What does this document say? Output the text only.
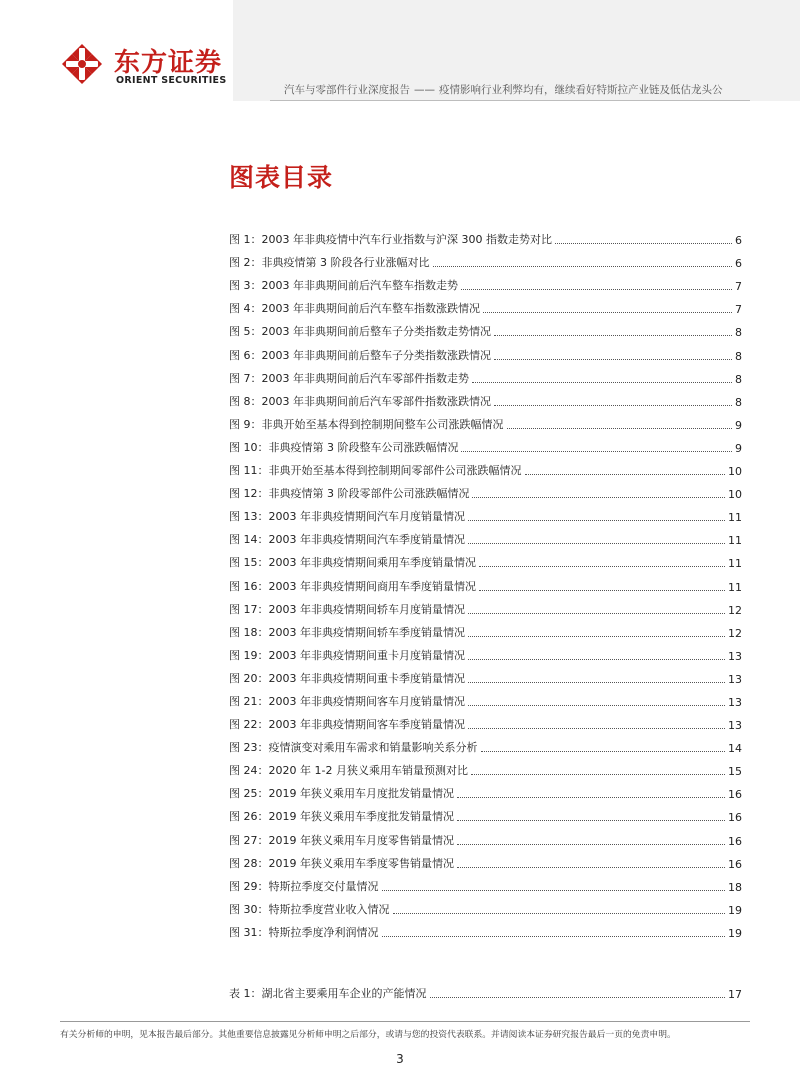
东方证券
ORIENT SECURITIES
汽车与零部件行业深度报告 —— 疫情影响行业利弊均有，继续看好特斯拉产业链及低估龙头公
图表目录
图 1：2003 年非典疫情中汽车行业指数与沪深 300 指数走势对比	6
图 2：非典疫情第 3 阶段各行业涨幅对比	6
图 3：2003 年非典期间前后汽车整车指数走势	7
图 4：2003 年非典期间前后汽车整车指数涨跌情况	7
图 5：2003 年非典期间前后整车子分类指数走势情况	8
图 6：2003 年非典期间前后整车子分类指数涨跌情况	8
图 7：2003 年非典期间前后汽车零部件指数走势	8
图 8：2003 年非典期间前后汽车零部件指数涨跌情况	8
图 9：非典开始至基本得到控制期间整车公司涨跌幅情况	9
图 10：非典疫情第 3 阶段整车公司涨跌幅情况	9
图 11：非典开始至基本得到控制期间零部件公司涨跌幅情况	10
图 12：非典疫情第 3 阶段零部件公司涨跌幅情况	10
图 13：2003 年非典疫情期间汽车月度销量情况	11
图 14：2003 年非典疫情期间汽车季度销量情况	11
图 15：2003 年非典疫情期间乘用车季度销量情况	11
图 16：2003 年非典疫情期间商用车季度销量情况	11
图 17：2003 年非典疫情期间轿车月度销量情况	12
图 18：2003 年非典疫情期间轿车季度销量情况	12
图 19：2003 年非典疫情期间重卡月度销量情况	13
图 20：2003 年非典疫情期间重卡季度销量情况	13
图 21：2003 年非典疫情期间客车月度销量情况	13
图 22：2003 年非典疫情期间客车季度销量情况	13
图 23：疫情演变对乘用车需求和销量影响关系分析	14
图 24：2020 年 1-2 月狭义乘用车销量预测对比	15
图 25：2019 年狭义乘用车月度批发销量情况	16
图 26：2019 年狭义乘用车季度批发销量情况	16
图 27：2019 年狭义乘用车月度零售销量情况	16
图 28：2019 年狭义乘用车季度零售销量情况	16
图 29：特斯拉季度交付量情况	18
图 30：特斯拉季度营业收入情况	19
图 31：特斯拉季度净利润情况	19
表 1：湖北省主要乘用车企业的产能情况	17
有关分析师的申明，见本报告最后部分。其他重要信息披露见分析师申明之后部分，或请与您的投资代表联系。并请阅读本证券研究报告最后一页的免责申明。
3
